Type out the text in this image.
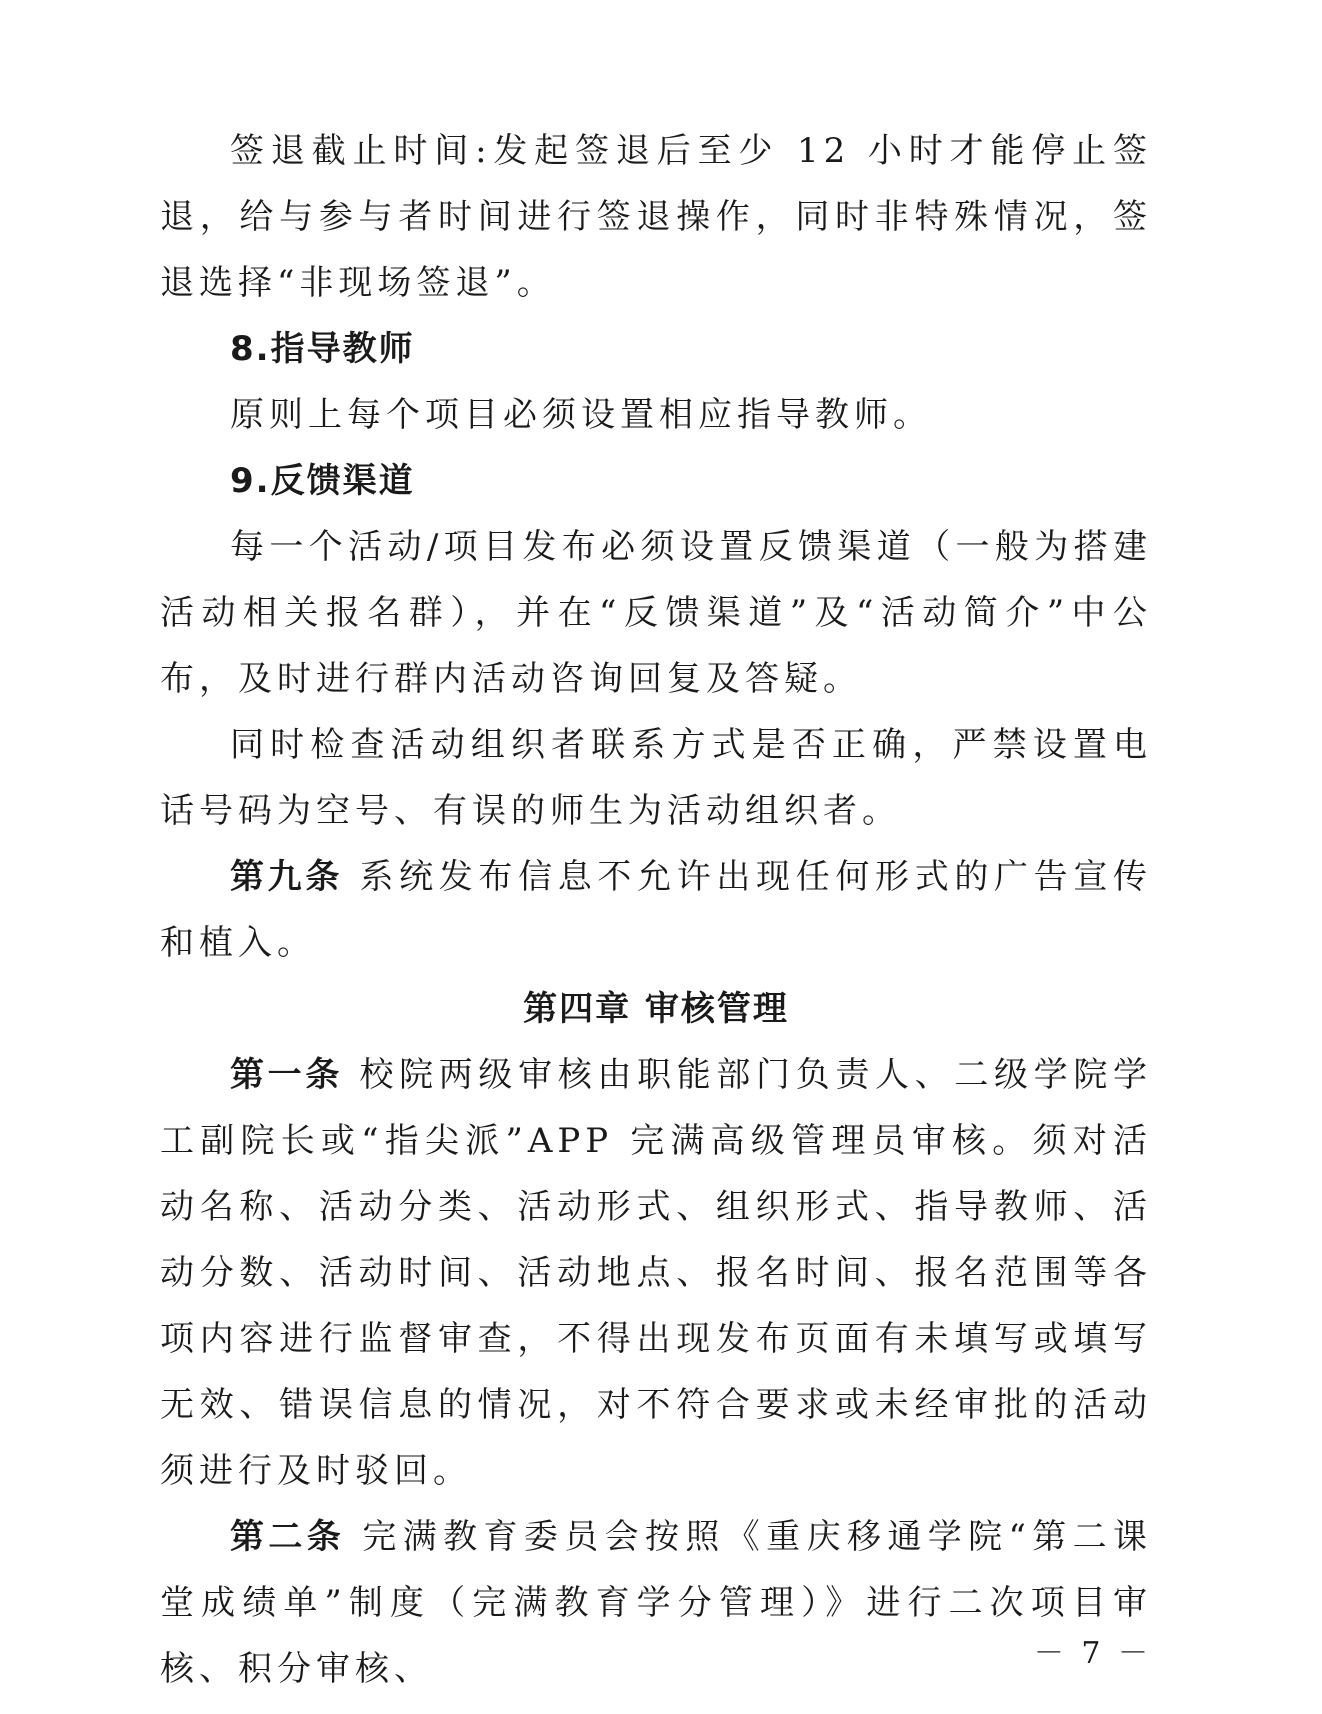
签退截止时间:发起签退后至少 12 小时才能停止签退，给与参与者时间进行签退操作，同时非特殊情况，签退选择“非现场签退”。

8.指导教师

原则上每个项目必须设置相应指导教师。

9.反馈渠道

每一个活动/项目发布必须设置反馈渠道（一般为搭建活动相关报名群），并在“反馈渠道”及“活动简介”中公布，及时进行群内活动咨询回复及答疑。

同时检查活动组织者联系方式是否正确，严禁设置电话号码为空号、有误的师生为活动组织者。

第九条 系统发布信息不允许出现任何形式的广告宣传和植入。

第四章 审核管理

第一条 校院两级审核由职能部门负责人、二级学院学工副院长或“指尖派”APP 完满高级管理员审核。须对活动名称、活动分类、活动形式、组织形式、指导教师、活动分数、活动时间、活动地点、报名时间、报名范围等各项内容进行监督审查，不得出现发布页面有未填写或填写无效、错误信息的情况，对不符合要求或未经审批的活动须进行及时驳回。

第二条 完满教育委员会按照《重庆移通学院“第二课堂成绩单”制度（完满教育学分管理）》进行二次项目审核、积分审核、	－ 7 －
